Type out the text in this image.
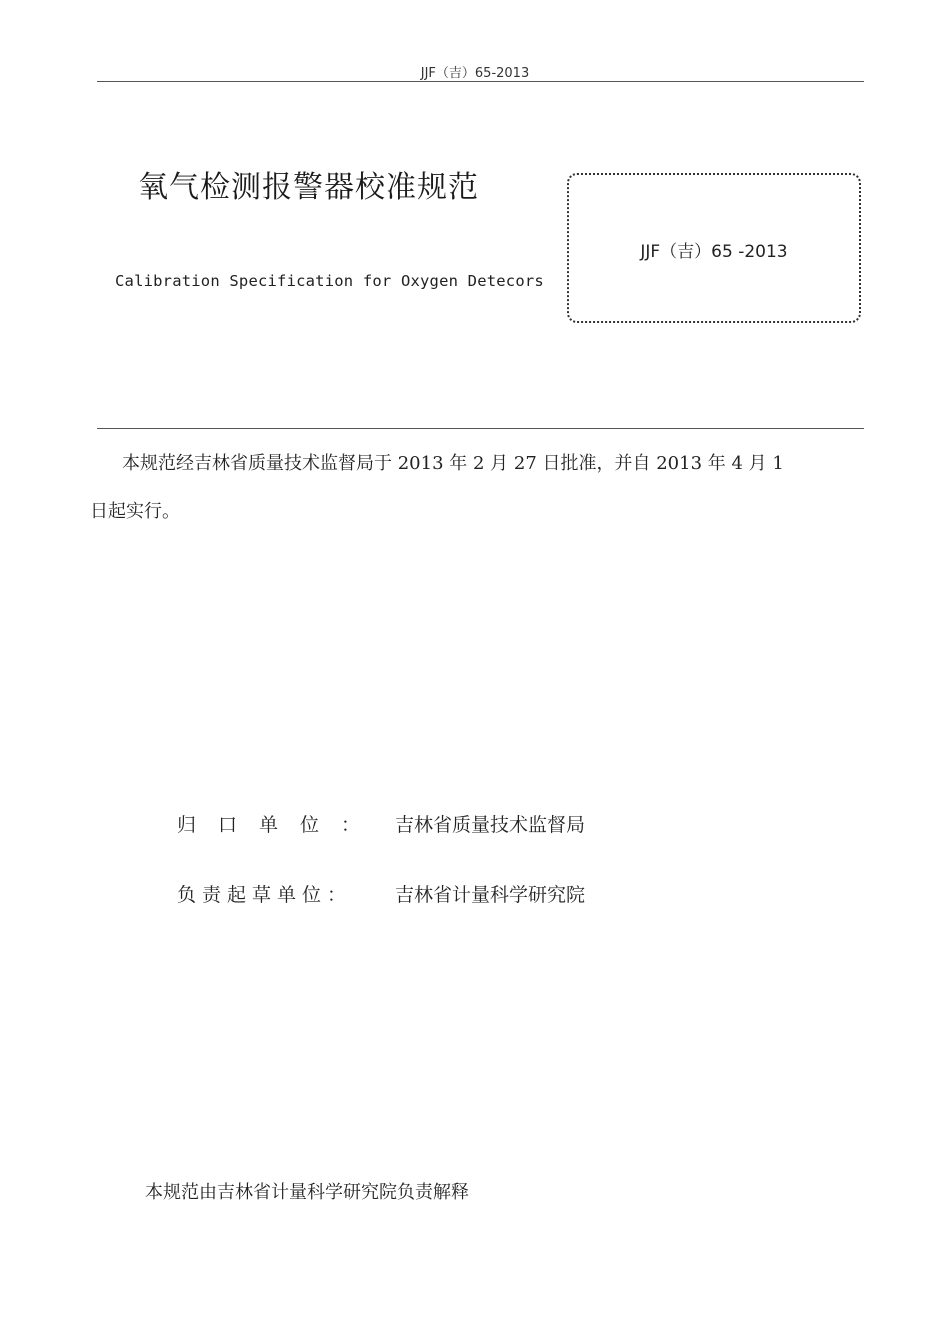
JJF（吉）65-2013
氧气检测报警器校准规范
Calibration Specification for Oxygen Detecors
JJF（吉）65 -2013
本规范经吉林省质量技术监督局于 2013 年 2 月 27 日批准，并自 2013 年 4 月 1
日起实行。
归口单位： 吉林省质量技术监督局
负责起草单位： 吉林省计量科学研究院
本规范由吉林省计量科学研究院负责解释
